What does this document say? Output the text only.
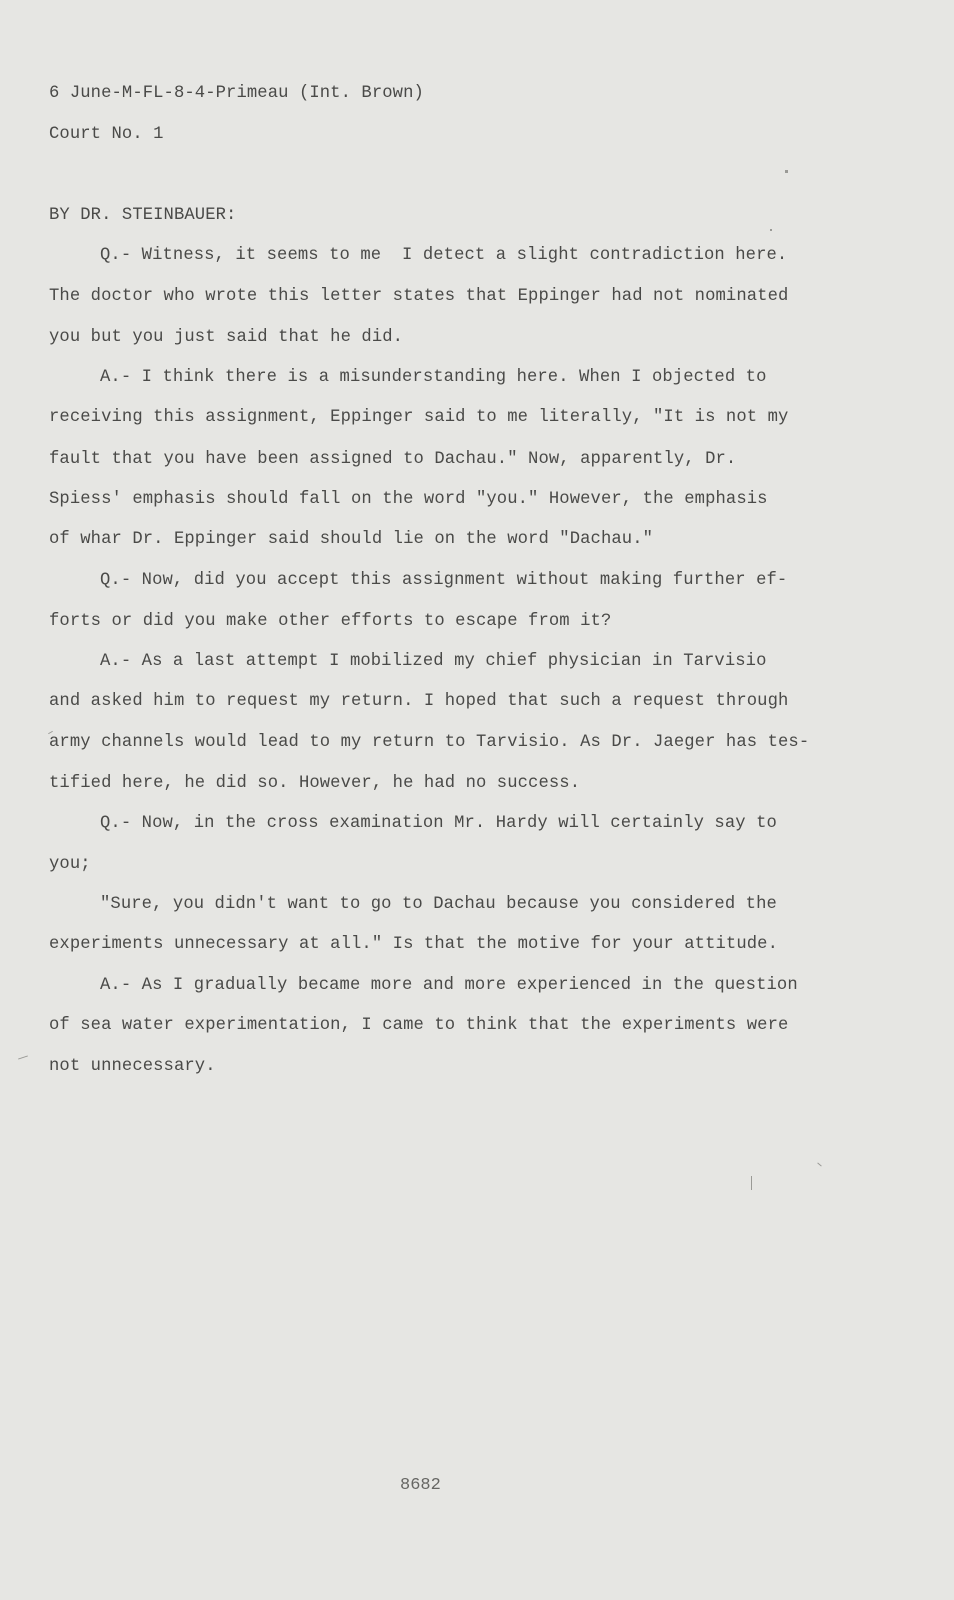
6 June-M-FL-8-4-Primeau (Int. Brown)
Court No. 1
BY DR. STEINBAUER:
Q.- Witness, it seems to me  I detect a slight contradiction here.
The doctor who wrote this letter states that Eppinger had not nominated
you but you just said that he did.
A.- I think there is a misunderstanding here. When I objected to
receiving this assignment, Eppinger said to me literally, "It is not my
fault that you have been assigned to Dachau." Now, apparently, Dr.
Spiess' emphasis should fall on the word "you." However, the emphasis
of whar Dr. Eppinger said should lie on the word "Dachau."
Q.- Now, did you accept this assignment without making further ef-
forts or did you make other efforts to escape from it?
A.- As a last attempt I mobilized my chief physician in Tarvisio
and asked him to request my return. I hoped that such a request through
army channels would lead to my return to Tarvisio. As Dr. Jaeger has tes-
tified here, he did so. However, he had no success.
Q.- Now, in the cross examination Mr. Hardy will certainly say to
you;
"Sure, you didn't want to go to Dachau because you considered the
experiments unnecessary at all." Is that the motive for your attitude.
A.- As I gradually became more and more experienced in the question
of sea water experimentation, I came to think that the experiments were
not unnecessary.
8682
